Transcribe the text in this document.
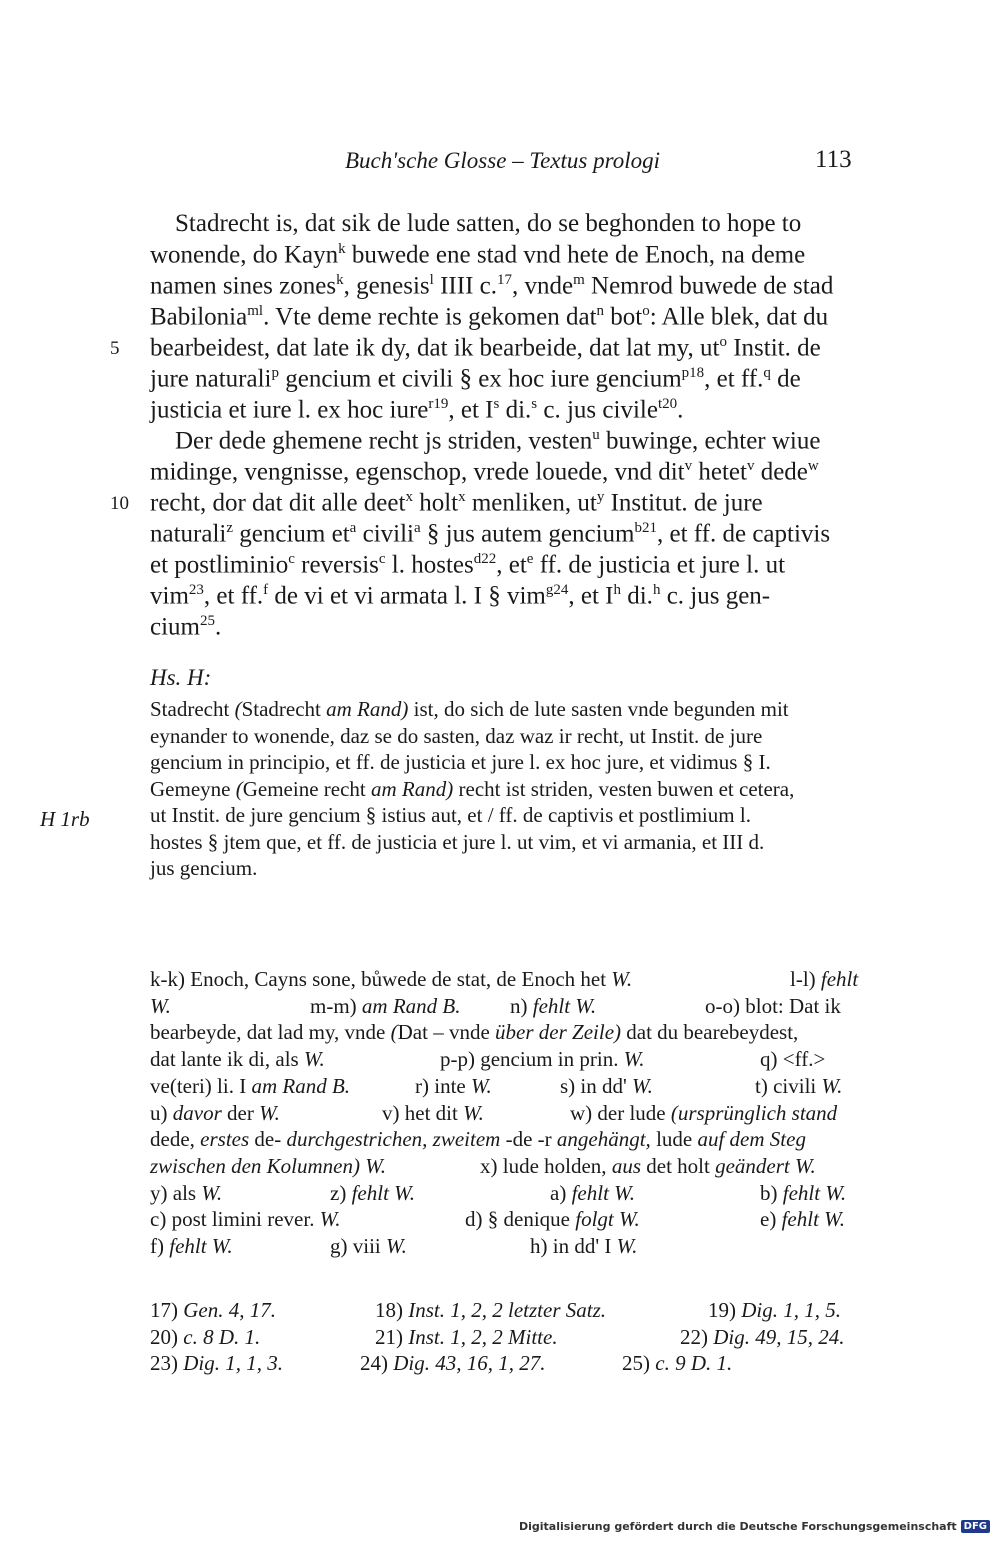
Buch'sche Glosse – Textus prologi	113
 Stadrecht is, dat sik de lude satten, do se beghonden to hope to
wonende, do Kayn$^k$ buwede ene stad vnd hete de Enoch, na deme
namen sines zones$^k$, genesis$^l$ IIII c.$^{17}$, vnde$^m$ Nemrod buwede de stad
Babilonia$^{ml}$. Vte deme rechte is gekomen dat$^n$ bot$^o$: Alle blek, dat du
bearbeidest, dat late ik dy, dat ik bearbeide, dat lat my, $ut^o$ Instit. de
5
jure naturali$^p$ gencium et civili § ex hoc iure gencium$^{p18}$, et ff.$^q$ de
justicia et iure l. ex hoc iure$^{r19}$, et $I^s$ di.$^s$ c. jus civile$^{t20}$.
 Der dede ghemene recht js striden, vesten$^u$ buwinge, echter wiue
midinge, vengnisse, egenschop, vrede louede, vnd dit$^v$ hetet$^v$ dede$^w$
recht, dor dat dit alle deet$^x$ holt$^x$ menliken, $ut^y$ Institut. de jure
10
naturali$^z$ gencium $et^a$ civili$^a$ § jus autem gencium$^{b21}$, et ff. de captivis
et postliminio$^c$ reversis$^c$ l. hostes$^{d22}$, $et^e$ ff. de justicia et jure l. ut
vim$^{23}$, et ff.$^f$ de vi et vi armata l. I § vim$^{g24}$, et $I^h$ di.$^h$ c. jus gen-
cium$^{25}$.
Hs. H:
H 1rb
Stadrecht (Stadrecht am Rand) ist, do sich de lute sasten vnde begunden mit
eynander to wonende, daz se do sasten, daz waz ir recht, ut Instit. de jure
gencium in principio, et ff. de justicia et jure l. ex hoc jure, et vidimus § I.
Gemeyne (Gemeine recht am Rand) recht ist striden, vesten buwen et cetera,
ut Instit. de jure gencium § istius aut, et / ff. de captivis et postlimium l.
hostes § jtem que, et ff. de justicia et jure l. ut vim, et vi armania, et III d.
jus gencium.
k-k) Enoch, Cayns sone, bůwede de stat, de Enoch het W.	l-l) fehlt
W.	m-m) am Rand B. n) fehlt W.	o-o) blot: Dat ik
bearbeyde, dat lad my, vnde (Dat – vnde über der Zeile) dat du bearebeydest,
dat lante ik di, als W.	p-p) gencium in prin. W.	q) <ff.>
ve(teri) li. I am Rand B.	r) inte W.	s) in dd' W.	t) civili W.
u) davor der W.	v) het dit W.	w) der lude (ursprünglich stand
dede, erstes de- durchgestrichen, zweitem -de -r angehängt, lude auf dem Steg
zwischen den Kolumnen) W.	x) lude holden, aus det holt geändert W.
y) als W.	z) fehlt W.	a) fehlt W.	b) fehlt W.
c) post limini rever. W.	d) § denique folgt W.	e) fehlt W.
f) fehlt W.	g) viii W.	h) in dd' I W.
17) Gen. 4, 17.	18) Inst. 1, 2, 2 letzter Satz.	19) Dig. 1, 1, 5.
20) c. 8 D. 1.	21) Inst. 1, 2, 2 Mitte.	22) Dig. 49, 15, 24.
23) Dig. 1, 1, 3.	24) Dig. 43, 16, 1, 27.	25) c. 9 D. 1.
Digitalisierung gefördert durch die Deutsche Forschungsgemeinschaft DFG
